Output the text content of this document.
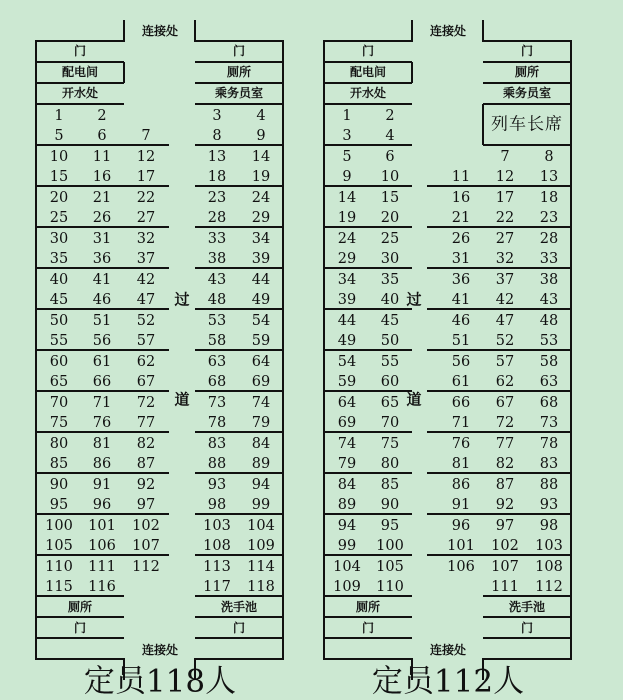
连接处
门
配电间
开水处
门
厕所
乘务员室
1 2	3 4
5 6 7	8 9
10 11 12	13 14
15 16 17	18 19
20 21 22	23 24
25 26 27	28 29
30 31 32	33 34
35 36 37	38 39
40 41 42	43 44
45 46 47	48 49
50 51 52	53 54
55 56 57	58 59
60 61 62	63 64
65 66 67	68 69
70 71 72	73 74
75 76 77	78 79
80 81 82	83 84
85 86 87	88 89
90 91 92	93 94
95 96 97	98 99
100 101 102	103 104
105 106 107	108 109
110 111 112	113 114
115 116	117 118
过
道
厕所
门
洗手池
门
连接处
定员118人
连接处
门
配电间
开水处
门
厕所
乘务员室
列车长席
1 2
3 4
5 6	7 8
9 10	11 12 13
14 15	16 17 18
19 20	21 22 23
24 25	26 27 28
29 30	31 32 33
34 35	36 37 38
39 40	41 42 43
44 45	46 47 48
49 50	51 52 53
54 55	56 57 58
59 60	61 62 63
64 65	66 67 68
69 70	71 72 73
74 75	76 77 78
79 80	81 82 83
84 85	86 87 88
89 90	91 92 93
94 95	96 97 98
99 100	101 102 103
104 105	106 107 108
109 110	111 112
过
道
厕所
门
洗手池
门
连接处
定员112人
